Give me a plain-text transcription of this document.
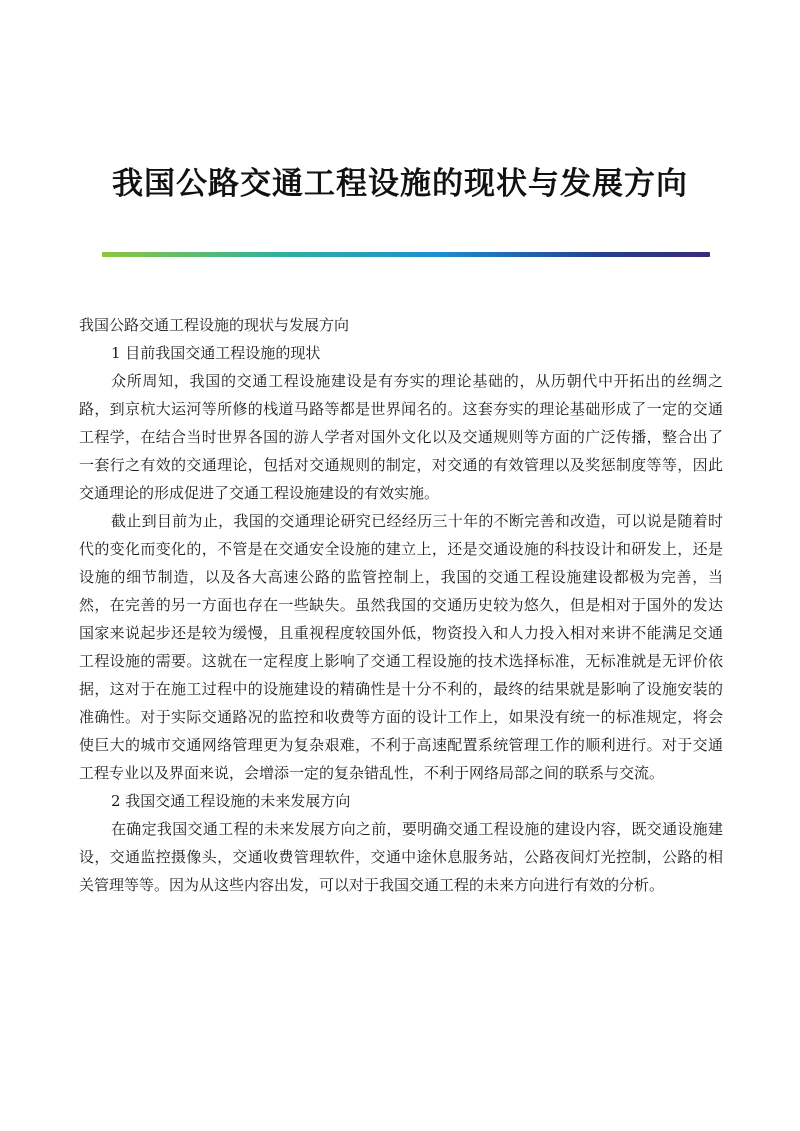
我国公路交通工程设施的现状与发展方向

我国公路交通工程设施的现状与发展方向

1 目前我国交通工程设施的现状

众所周知，我国的交通工程设施建设是有夯实的理论基础的，从历朝代中开拓出的丝绸之路，到京杭大运河等所修的栈道马路等都是世界闻名的。这套夯实的理论基础形成了一定的交通工程学，在结合当时世界各国的游人学者对国外文化以及交通规则等方面的广泛传播，整合出了一套行之有效的交通理论，包括对交通规则的制定，对交通的有效管理以及奖惩制度等等，因此交通理论的形成促进了交通工程设施建设的有效实施。

截止到目前为止，我国的交通理论研究已经经历三十年的不断完善和改造，可以说是随着时代的变化而变化的，不管是在交通安全设施的建立上，还是交通设施的科技设计和研发上，还是设施的细节制造，以及各大高速公路的监管控制上，我国的交通工程设施建设都极为完善，当然，在完善的另一方面也存在一些缺失。虽然我国的交通历史较为悠久，但是相对于国外的发达国家来说起步还是较为缓慢，且重视程度较国外低，物资投入和人力投入相对来讲不能满足交通工程设施的需要。这就在一定程度上影响了交通工程设施的技术选择标准，无标准就是无评价依据，这对于在施工过程中的设施建设的精确性是十分不利的，最终的结果就是影响了设施安装的准确性。对于实际交通路况的监控和收费等方面的设计工作上，如果没有统一的标准规定，将会使巨大的城市交通网络管理更为复杂艰难，不利于高速配置系统管理工作的顺利进行。对于交通工程专业以及界面来说，会增添一定的复杂错乱性，不利于网络局部之间的联系与交流。

2 我国交通工程设施的未来发展方向

在确定我国交通工程的未来发展方向之前，要明确交通工程设施的建设内容，既交通设施建设，交通监控摄像头，交通收费管理软件，交通中途休息服务站，公路夜间灯光控制，公路的相关管理等等。因为从这些内容出发，可以对于我国交通工程的未来方向进行有效的分析。
